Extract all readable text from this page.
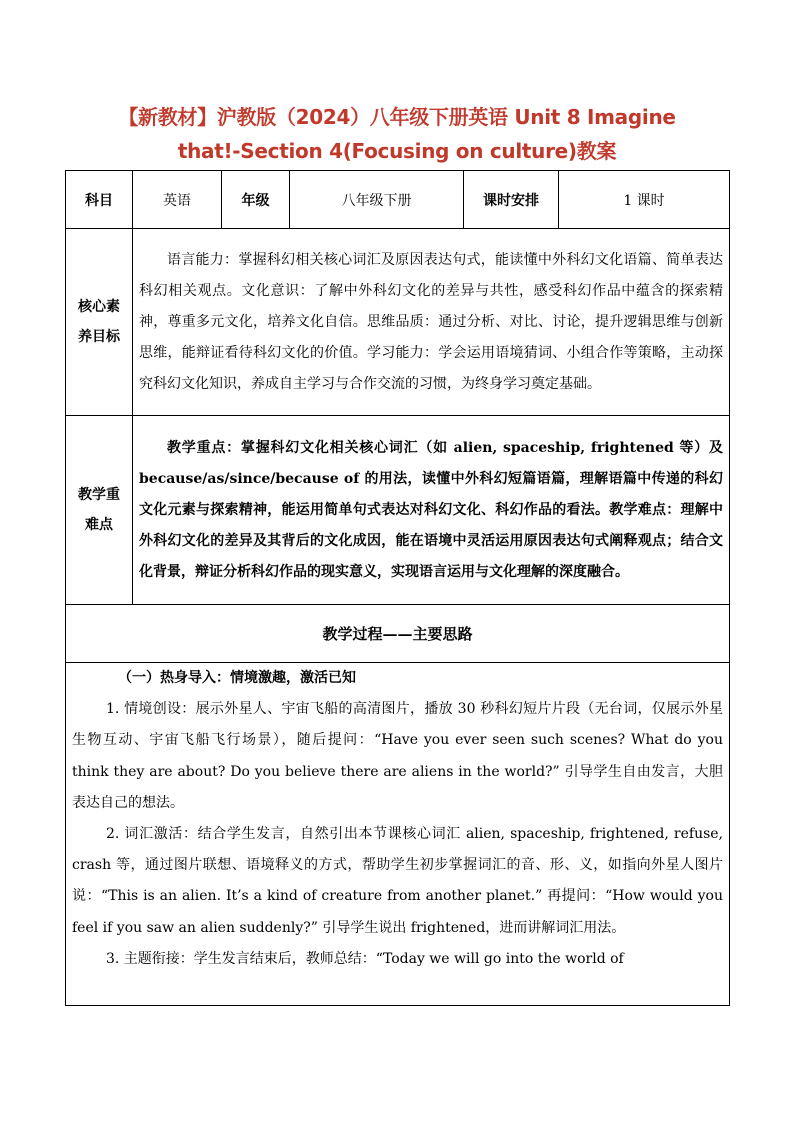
【新教材】沪教版（2024）八年级下册英语 Unit 8 Imagine
that!-Section 4(Focusing on culture)教案
科目	英语	年级	八年级下册	课时安排	1 课时
核心素养目标	语言能力：掌握科幻相关核心词汇及原因表达句式，能读懂中外科幻文化语篇、简单表达科幻相关观点。文化意识：了解中外科幻文化的差异与共性，感受科幻作品中蕴含的探索精神，尊重多元文化，培养文化自信。思维品质：通过分析、对比、讨论，提升逻辑思维与创新思维，能辩证看待科幻文化的价值。学习能力：学会运用语境猜词、小组合作等策略，主动探究科幻文化知识，养成自主学习与合作交流的习惯，为终身学习奠定基础。				

教学重难点	教学重点：掌握科幻文化相关核心词汇（如 alien, spaceship, frightened 等）及 because/as/since/because of 的用法，读懂中外科幻短篇语篇，理解语篇中传递的科幻文化元素与探索精神，能运用简单句式表达对科幻文化、科幻作品的看法。教学难点：理解中外科幻文化的差异及其背后的文化成因，能在语境中灵活运用原因表达句式阐释观点；结合文化背景，辩证分析科幻作品的现实意义，实现语言运用与文化理解的深度融合。				

教学过程——主要思路					

（一）热身导入：情境激趣，激活已知

1. 情境创设：展示外星人、宇宙飞船的高清图片，播放 30 秒科幻短片片段（无台词，仅展示外星生物互动、宇宙飞船飞行场景），随后提问：“Have you ever seen such scenes? What do you think they are about? Do you believe there are aliens in the world?” 引导学生自由发言，大胆表达自己的想法。

2. 词汇激活：结合学生发言，自然引出本节课核心词汇 alien, spaceship, frightened, refuse, crash 等，通过图片联想、语境释义的方式，帮助学生初步掌握词汇的音、形、义，如指向外星人图片说：“This is an alien. It’s a kind of creature from another planet.” 再提问：“How would you feel if you saw an alien suddenly?” 引导学生说出 frightened，进而讲解词汇用法。

3. 主题衔接：学生发言结束后，教师总结：“Today we will go into the world of					
